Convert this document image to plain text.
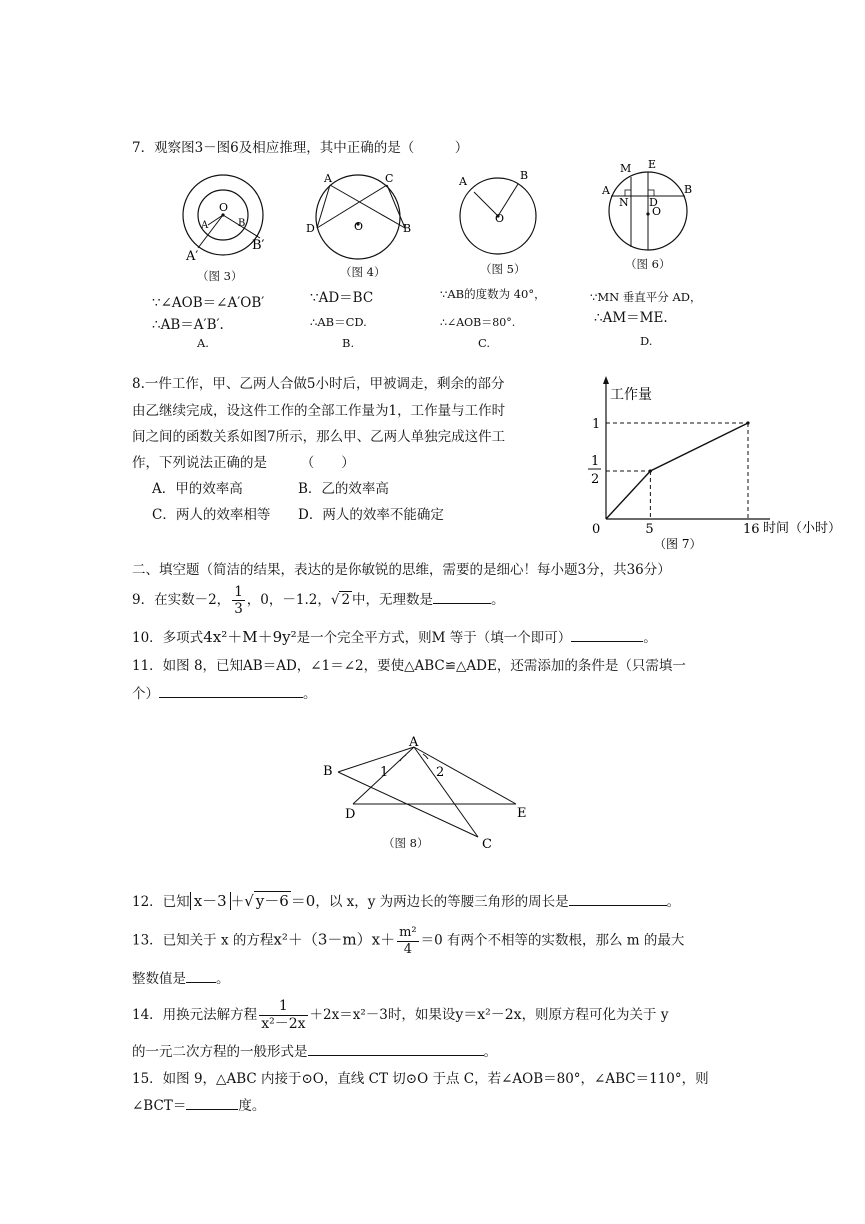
7．观察图3－图6及相应推理，其中正确的是（　　　）
O
A	B
A′
B′
（图 3）
∵∠AOB＝∠A′OB′
∴AB＝A′B′.
A.
A	C
D	B
O
（图 4）
∵AD＝BC
∴AB＝CD.
B.
A	B
O
（图 5）
∵AB的度数为 40°，
∴∠AOB＝80°.
C.
M E
A	B
N D
O
（图 6）
∵MN 垂直平分 AD，
∴AM＝ME.
D.
8.一件工作，甲、乙两人合做5小时后，甲被调走，剩余的部分
由乙继续完成，设这件工作的全部工作量为1，工作量与工作时
间之间的函数关系如图7所示，那么甲、乙两人单独完成这件工
作，下列说法正确的是　　　（　　）
A．甲的效率高	B．乙的效率高
C．两人的效率相等 D．两人的效率不能确定
工作量
时间（小时）
0	5	16
1
1
2
（图 7）
二、填空题（简洁的结果，表达的是你敏锐的思维，需要的是细心！每小题3分，共36分）
9．在实数－2， $\frac{1}{3}$ ，0，－1.2，√ 2 中，无理数是	。
10．多项式4x²＋M＋9y²是一个完全平方式，则M 等于（填一个即可）	。
11．如图 8，已知AB＝AD，∠1＝∠2，要使△ABC≌△ADE，还需添加的条件是（只需填一
个）	。
A
B	1	2
D	E
C
（图 8）
12．已知 x－3 ＋√ y－6 ＝0，以 x，y 为两边长的等腰三角形的周长是	。
13．已知关于 x 的方程$x^2+(3-m)x+ \frac{\text{m²}}{4} =0$ 有两个不相等的实数根，那么 m 的最大
整数值是 。
14．用换元法解方程 $\frac{1}{\text{x²－2x}} +2x=x^2-3$时，如果设y＝x²－2x，则原方程可化为关于 y
的一元二次方程的一般形式是	。
15．如图 9，△ABC 内接于⊙O，直线 CT 切⊙O 于点 C，若∠AOB＝80°，∠ABC＝110°，则
∠BCT＝	度。
